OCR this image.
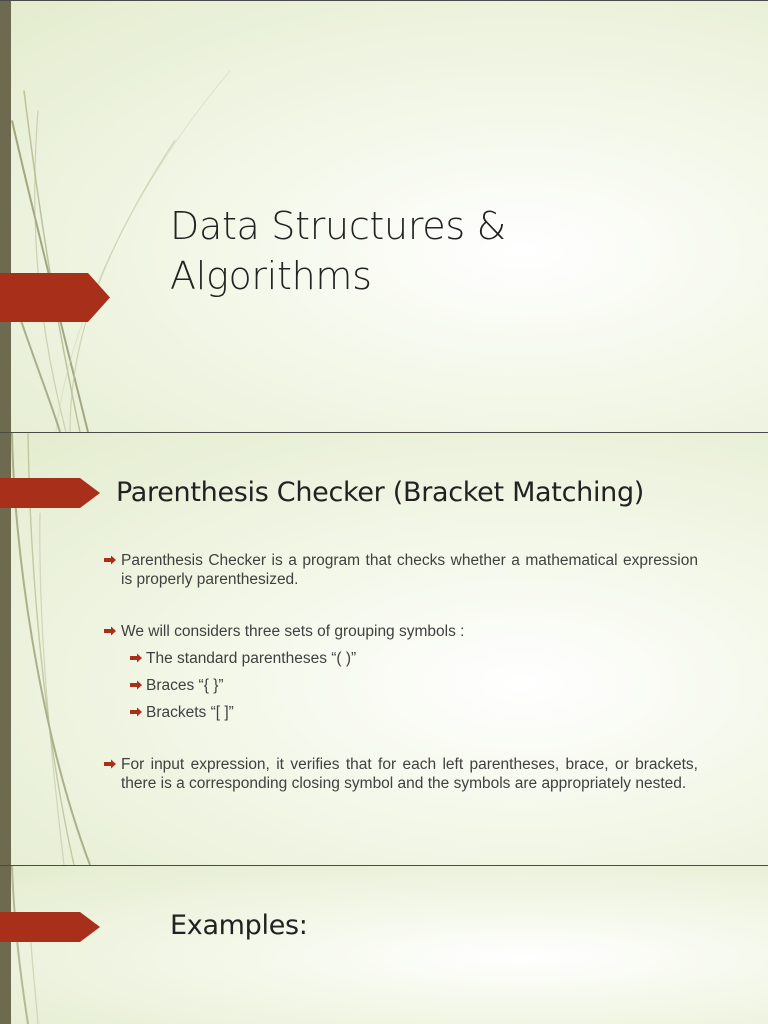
Data Structures &
Algorithms
Parenthesis Checker (Bracket Matching)
Parenthesis Checker is a program that checks whether a mathematical expression is properly parenthesized.
We will considers three sets of grouping symbols :
The standard parentheses “( )”
Braces “{ }”
Brackets “[ ]”
For input expression, it verifies that for each left parentheses, brace, or brackets, there is a corresponding closing symbol and the symbols are appropriately nested.
Examples:
